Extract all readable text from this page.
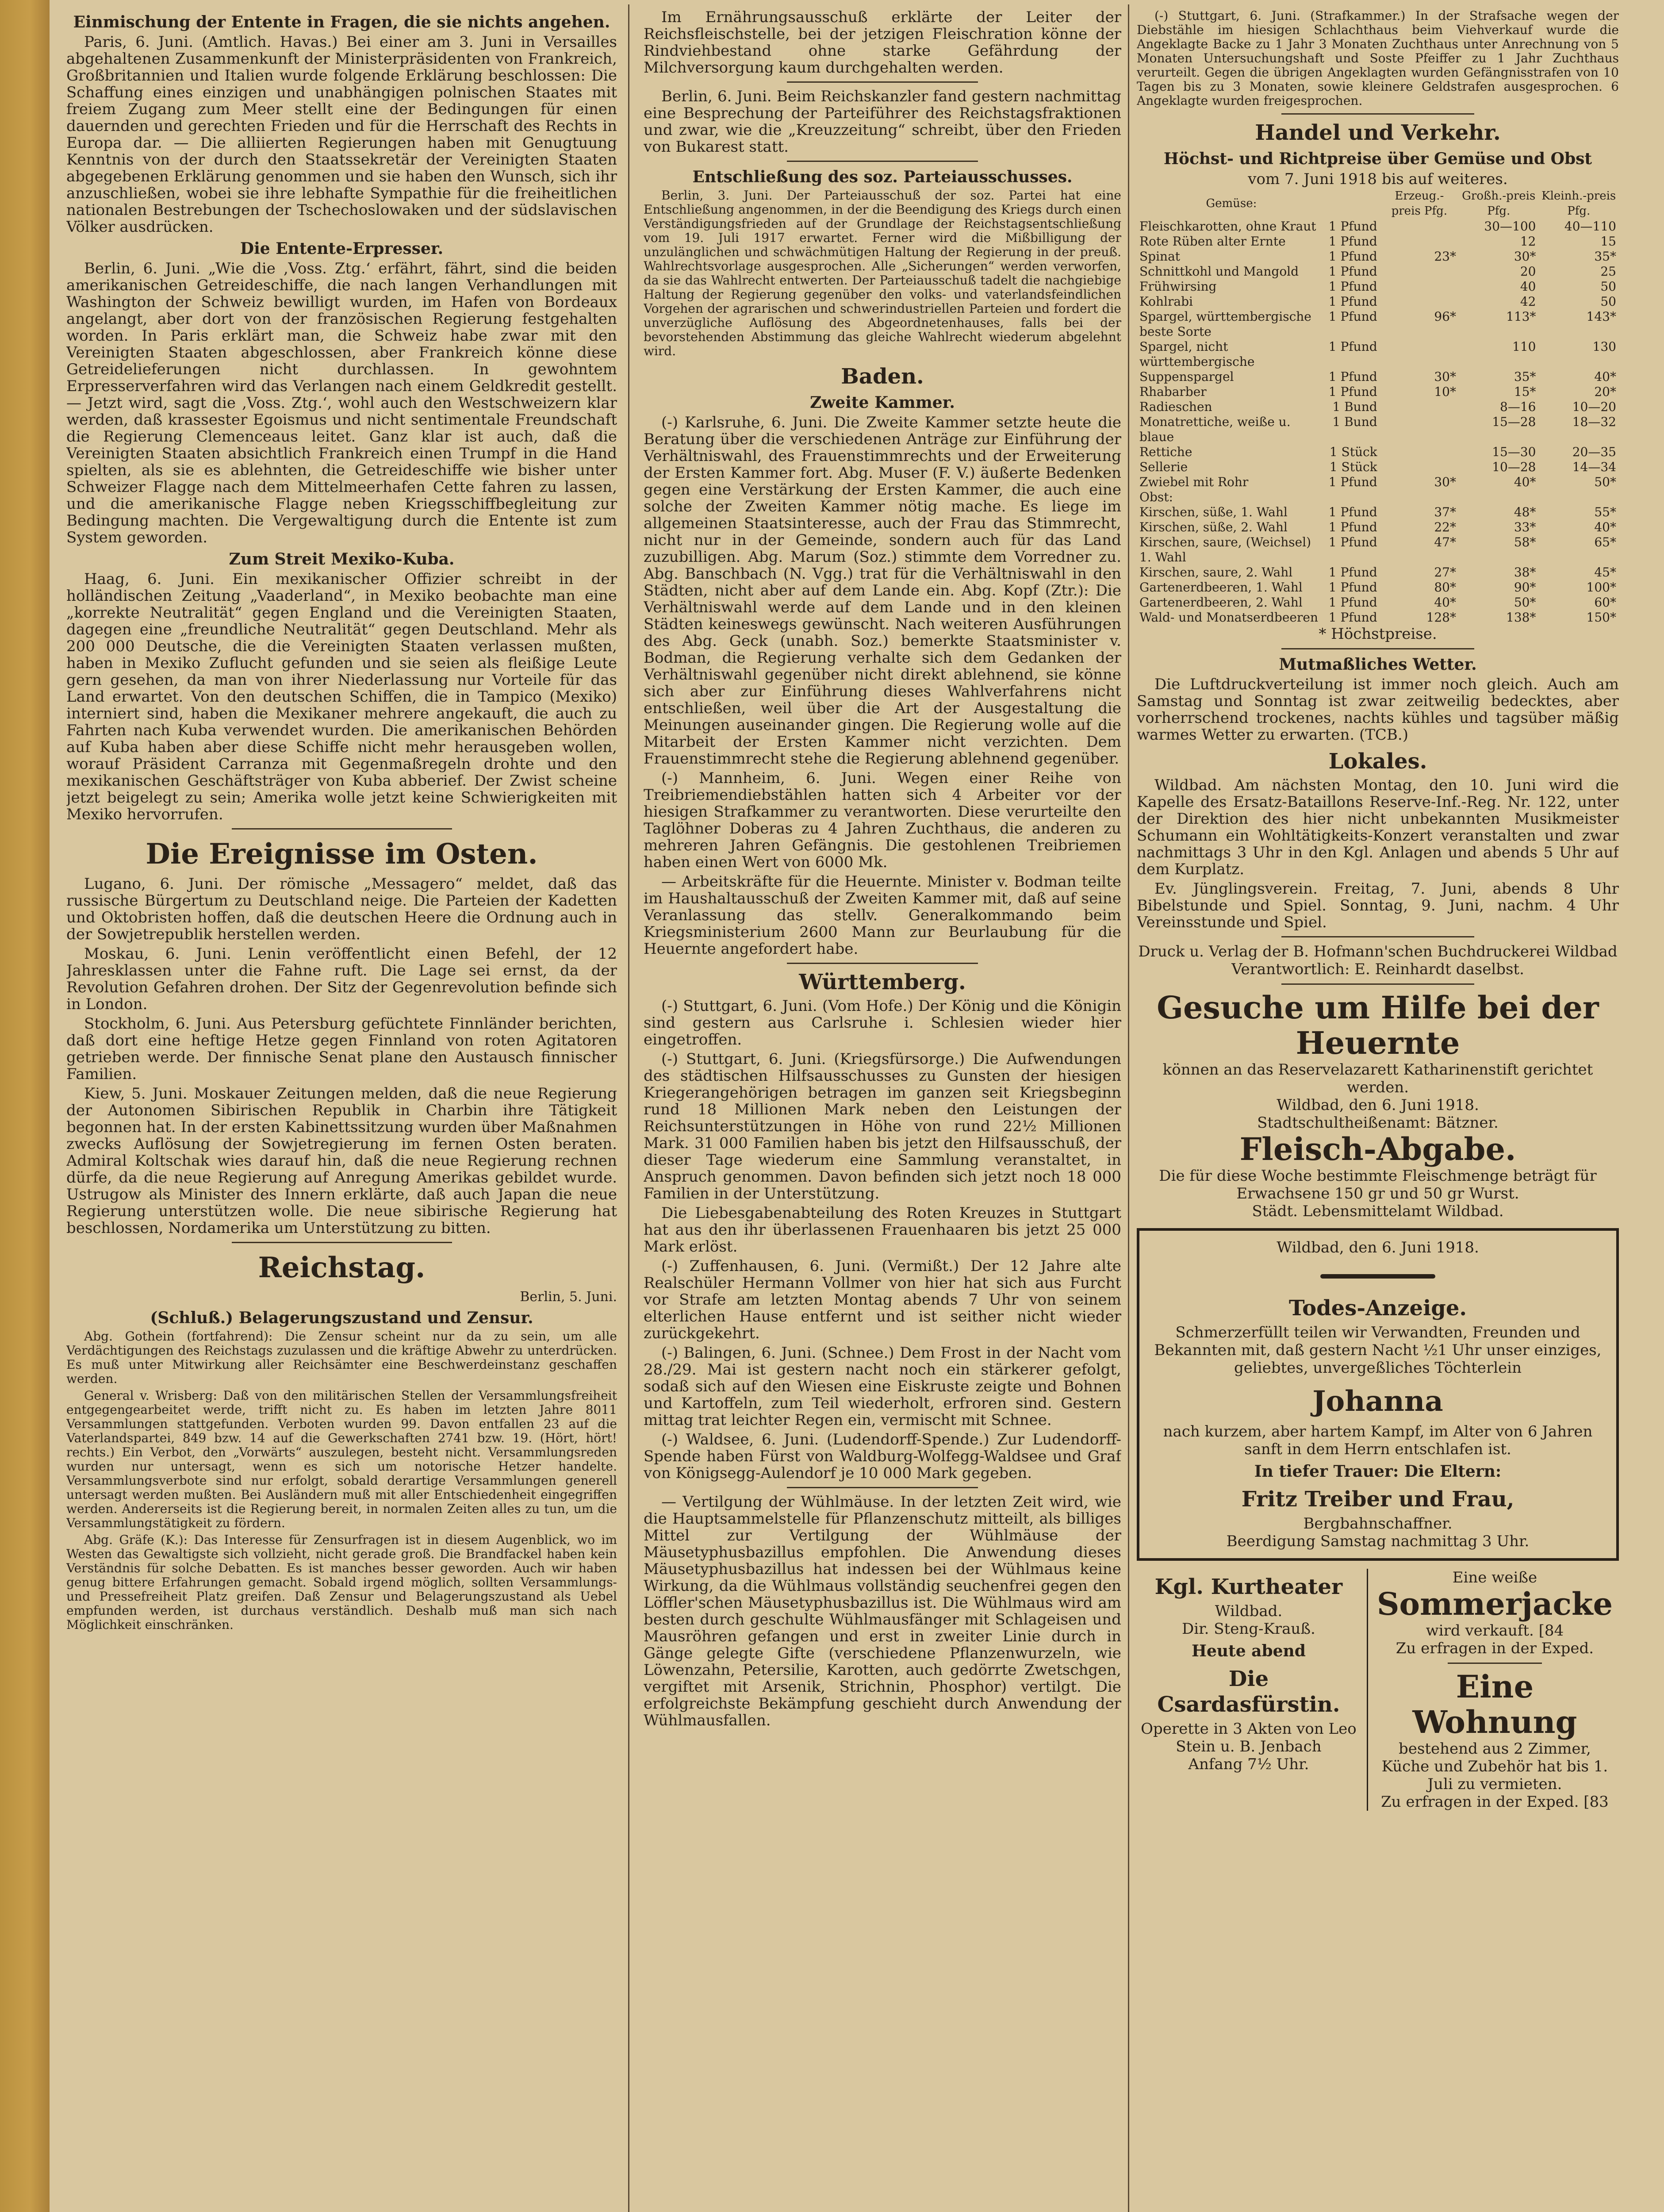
Einmischung der Entente in Fragen, die sie nichts angehen.

Paris, 6. Juni. (Amtlich. Havas.) Bei einer am 3. Juni in Versailles abgehaltenen Zusammenkunft der Ministerpräsidenten von Frankreich, Großbritannien und Italien wurde folgende Erklärung beschlossen: Die Schaffung eines einzigen und unabhängigen polnischen Staates mit freiem Zugang zum Meer stellt eine der Bedingungen für einen dauernden und gerechten Frieden und für die Herrschaft des Rechts in Europa dar. — Die alliierten Regierungen haben mit Genugtuung Kenntnis von der durch den Staatssekretär der Vereinigten Staaten abgegebenen Erklärung genommen und sie haben den Wunsch, sich ihr anzuschließen, wobei sie ihre lebhafte Sympathie für die freiheitlichen nationalen Bestrebungen der Tschechoslowaken und der südslavischen Völker ausdrücken.

Die Entente-Erpresser.

Berlin, 6. Juni. „Wie die ‚Voss. Ztg.‘ erfährt, fährt, sind die beiden amerikanischen Getreideschiffe, die nach langen Verhandlungen mit Washington der Schweiz bewilligt wurden, im Hafen von Bordeaux angelangt, aber dort von der französischen Regierung festgehalten worden. In Paris erklärt man, die Schweiz habe zwar mit den Vereinigten Staaten abgeschlossen, aber Frankreich könne diese Getreidelieferungen nicht durchlassen. In gewohntem Erpresserverfahren wird das Verlangen nach einem Geldkredit gestellt. — Jetzt wird, sagt die ‚Voss. Ztg.‘, wohl auch den Westschweizern klar werden, daß krassester Egoismus und nicht sentimentale Freundschaft die Regierung Clemenceaus leitet. Ganz klar ist auch, daß die Vereinigten Staaten absichtlich Frankreich einen Trumpf in die Hand spielten, als sie es ablehnten, die Getreideschiffe wie bisher unter Schweizer Flagge nach dem Mittelmeerhafen Cette fahren zu lassen, und die amerikanische Flagge neben Kriegsschiffbegleitung zur Bedingung machten. Die Vergewaltigung durch die Entente ist zum System geworden.

Zum Streit Mexiko-Kuba.

Haag, 6. Juni. Ein mexikanischer Offizier schreibt in der holländischen Zeitung „Vaaderland“, in Mexiko beobachte man eine „korrekte Neutralität“ gegen England und die Vereinigten Staaten, dagegen eine „freundliche Neutralität“ gegen Deutschland. Mehr als 200 000 Deutsche, die die Vereinigten Staaten verlassen mußten, haben in Mexiko Zuflucht gefunden und sie seien als fleißige Leute gern gesehen, da man von ihrer Niederlassung nur Vorteile für das Land erwartet. Von den deutschen Schiffen, die in Tampico (Mexiko) interniert sind, haben die Mexikaner mehrere angekauft, die auch zu Fahrten nach Kuba verwendet wurden. Die amerikanischen Behörden auf Kuba haben aber diese Schiffe nicht mehr herausgeben wollen, worauf Präsident Carranza mit Gegenmaßregeln drohte und den mexikanischen Geschäftsträger von Kuba abberief. Der Zwist scheine jetzt beigelegt zu sein; Amerika wolle jetzt keine Schwierigkeiten mit Mexiko hervorrufen.

Die Ereignisse im Osten.

Lugano, 6. Juni. Der römische „Messagero“ meldet, daß das russische Bürgertum zu Deutschland neige. Die Parteien der Kadetten und Oktobristen hoffen, daß die deutschen Heere die Ordnung auch in der Sowjetrepublik herstellen werden.

Moskau, 6. Juni. Lenin veröffentlicht einen Befehl, der 12 Jahresklassen unter die Fahne ruft. Die Lage sei ernst, da der Revolution Gefahren drohen. Der Sitz der Gegenrevolution befinde sich in London.

Stockholm, 6. Juni. Aus Petersburg gefüchtete Finnländer berichten, daß dort eine heftige Hetze gegen Finnland von roten Agitatoren getrieben werde. Der finnische Senat plane den Austausch finnischer Familien.

Kiew, 5. Juni. Moskauer Zeitungen melden, daß die neue Regierung der Autonomen Sibirischen Republik in Charbin ihre Tätigkeit begonnen hat. In der ersten Kabinettssitzung wurden über Maßnahmen zwecks Auflösung der Sowjetregierung im fernen Osten beraten. Admiral Koltschak wies darauf hin, daß die neue Regierung rechnen dürfe, da die neue Regierung auf Anregung Amerikas gebildet wurde. Ustrugow als Minister des Innern erklärte, daß auch Japan die neue Regierung unterstützen wolle. Die neue sibirische Regierung hat beschlossen, Nordamerika um Unterstützung zu bitten.

Reichstag.
Berlin, 5. Juni.
(Schluß.) Belagerungszustand und Zensur.

Abg. Gothein (fortfahrend): Die Zensur scheint nur da zu sein, um alle Verdächtigungen des Reichstags zuzulassen und die kräftige Abwehr zu unterdrücken. Es muß unter Mitwirkung aller Reichsämter eine Beschwerdeinstanz geschaffen werden.

General v. Wrisberg: Daß von den militärischen Stellen der Versammlungsfreiheit entgegengearbeitet werde, trifft nicht zu. Es haben im letzten Jahre 8011 Versammlungen stattgefunden. Verboten wurden 99. Davon entfallen 23 auf die Vaterlandspartei, 849 bzw. 14 auf die Gewerkschaften 2741 bzw. 19. (Hört, hört! rechts.) Ein Verbot, den „Vorwärts“ auszulegen, besteht nicht. Versammlungsreden wurden nur untersagt, wenn es sich um notorische Hetzer handelte. Versammlungsverbote sind nur erfolgt, sobald derartige Versammlungen generell untersagt werden mußten. Bei Ausländern muß mit aller Entschiedenheit eingegriffen werden. Andererseits ist die Regierung bereit, in normalen Zeiten alles zu tun, um die Versammlungstätigkeit zu fördern.

Abg. Gräfe (K.): Das Interesse für Zensurfragen ist in diesem Augenblick, wo im Westen das Gewaltigste sich vollzieht, nicht gerade groß. Die Brandfackel haben kein Verständnis für solche Debatten. Es ist manches besser geworden. Auch wir haben genug bittere Erfahrungen gemacht. Sobald irgend möglich, sollten Versammlungs- und Pressefreiheit Platz greifen. Daß Zensur und Belagerungszustand als Uebel empfunden werden, ist durchaus verständlich. Deshalb muß man sich nach Möglichkeit einschränken.

Im Ernährungsausschuß erklärte der Leiter der Reichsfleischstelle, bei der jetzigen Fleischration könne der Rindviehbestand ohne starke Gefährdung der Milchversorgung kaum durchgehalten werden.

Berlin, 6. Juni. Beim Reichskanzler fand gestern nachmittag eine Besprechung der Parteiführer des Reichstagsfraktionen und zwar, wie die „Kreuzzeitung“ schreibt, über den Frieden von Bukarest statt.

Entschließung des soz. Parteiausschusses.

Berlin, 3. Juni. Der Parteiausschuß der soz. Partei hat eine Entschließung angenommen, in der die Beendigung des Kriegs durch einen Verständigungsfrieden auf der Grundlage der Reichstagsentschließung vom 19. Juli 1917 erwartet. Ferner wird die Mißbilligung der unzulänglichen und schwächmütigen Haltung der Regierung in der preuß. Wahlrechtsvorlage ausgesprochen. Alle „Sicherungen“ werden verworfen, da sie das Wahlrecht entwerten. Der Parteiausschuß tadelt die nachgiebige Haltung der Regierung gegenüber den volks- und vaterlandsfeindlichen Vorgehen der agrarischen und schwerindustriellen Parteien und fordert die unverzügliche Auflösung des Abgeordnetenhauses, falls bei der bevorstehenden Abstimmung das gleiche Wahlrecht wiederum abgelehnt wird.

Baden.
Zweite Kammer.

(-) Karlsruhe, 6. Juni. Die Zweite Kammer setzte heute die Beratung über die verschiedenen Anträge zur Einführung der Verhältniswahl, des Frauenstimmrechts und der Erweiterung der Ersten Kammer fort. Abg. Muser (F. V.) äußerte Bedenken gegen eine Verstärkung der Ersten Kammer, die auch eine solche der Zweiten Kammer nötig mache. Es liege im allgemeinen Staatsinteresse, auch der Frau das Stimmrecht, nicht nur in der Gemeinde, sondern auch für das Land zuzubilligen. Abg. Marum (Soz.) stimmte dem Vorredner zu. Abg. Banschbach (N. Vgg.) trat für die Verhältniswahl in den Städten, nicht aber auf dem Lande ein. Abg. Kopf (Ztr.): Die Verhältniswahl werde auf dem Lande und in den kleinen Städten keineswegs gewünscht. Nach weiteren Ausführungen des Abg. Geck (unabh. Soz.) bemerkte Staatsminister v. Bodman, die Regierung verhalte sich dem Gedanken der Verhältniswahl gegenüber nicht direkt ablehnend, sie könne sich aber zur Einführung dieses Wahlverfahrens nicht entschließen, weil über die Art der Ausgestaltung die Meinungen auseinander gingen. Die Regierung wolle auf die Mitarbeit der Ersten Kammer nicht verzichten. Dem Frauenstimmrecht stehe die Regierung ablehnend gegenüber.

(-) Mannheim, 6. Juni. Wegen einer Reihe von Treibriemendiebstählen hatten sich 4 Arbeiter vor der hiesigen Strafkammer zu verantworten. Diese verurteilte den Taglöhner Doberas zu 4 Jahren Zuchthaus, die anderen zu mehreren Jahren Gefängnis. Die gestohlenen Treibriemen haben einen Wert von 6000 Mk.

— Arbeitskräfte für die Heuernte. Minister v. Bodman teilte im Haushaltausschuß der Zweiten Kammer mit, daß auf seine Veranlassung das stellv. Generalkommando beim Kriegsministerium 2600 Mann zur Beurlaubung für die Heuernte angefordert habe.

Württemberg.

(-) Stuttgart, 6. Juni. (Vom Hofe.) Der König und die Königin sind gestern aus Carlsruhe i. Schlesien wieder hier eingetroffen.

(-) Stuttgart, 6. Juni. (Kriegsfürsorge.) Die Aufwendungen des städtischen Hilfsausschusses zu Gunsten der hiesigen Kriegerangehörigen betragen im ganzen seit Kriegsbeginn rund 18 Millionen Mark neben den Leistungen der Reichsunterstützungen in Höhe von rund 22½ Millionen Mark. 31 000 Familien haben bis jetzt den Hilfsausschuß, der dieser Tage wiederum eine Sammlung veranstaltet, in Anspruch genommen. Davon befinden sich jetzt noch 18 000 Familien in der Unterstützung.

Die Liebesgabenabteilung des Roten Kreuzes in Stuttgart hat aus den ihr überlassenen Frauenhaaren bis jetzt 25 000 Mark erlöst.

(-) Zuffenhausen, 6. Juni. (Vermißt.) Der 12 Jahre alte Realschüler Hermann Vollmer von hier hat sich aus Furcht vor Strafe am letzten Montag abends 7 Uhr von seinem elterlichen Hause entfernt und ist seither nicht wieder zurückgekehrt.

(-) Balingen, 6. Juni. (Schnee.) Dem Frost in der Nacht vom 28./29. Mai ist gestern nacht noch ein stärkerer gefolgt, sodaß sich auf den Wiesen eine Eiskruste zeigte und Bohnen und Kartoffeln, zum Teil wiederholt, erfroren sind. Gestern mittag trat leichter Regen ein, vermischt mit Schnee.

(-) Waldsee, 6. Juni. (Ludendorff-Spende.) Zur Ludendorff-Spende haben Fürst von Waldburg-Wolfegg-Waldsee und Graf von Königsegg-Aulendorf je 10 000 Mark gegeben.

— Vertilgung der Wühlmäuse. In der letzten Zeit wird, wie die Hauptsammelstelle für Pflanzenschutz mitteilt, als billiges Mittel zur Vertilgung der Wühlmäuse der Mäusetyphusbazillus empfohlen. Die Anwendung dieses Mäusetyphusbazillus hat indessen bei der Wühlmaus keine Wirkung, da die Wühlmaus vollständig seuchenfrei gegen den Löffler'schen Mäusetyphusbazillus ist. Die Wühlmaus wird am besten durch geschulte Wühlmausfänger mit Schlageisen und Mausröhren gefangen und erst in zweiter Linie durch in Gänge gelegte Gifte (verschiedene Pflanzenwurzeln, wie Löwenzahn, Petersilie, Karotten, auch gedörrte Zwetschgen, vergiftet mit Arsenik, Strichnin, Phosphor) vertilgt. Die erfolgreichste Bekämpfung geschieht durch Anwendung der Wühlmausfallen.

(-) Stuttgart, 6. Juni. (Strafkammer.) In der Strafsache wegen der Diebstähle im hiesigen Schlachthaus beim Viehverkauf wurde die Angeklagte Backe zu 1 Jahr 3 Monaten Zuchthaus unter Anrechnung von 5 Monaten Untersuchungshaft und Soste Pfeiffer zu 1 Jahr Zuchthaus verurteilt. Gegen die übrigen Angeklagten wurden Gefängnisstrafen von 10 Tagen bis zu 3 Monaten, sowie kleinere Geldstrafen ausgesprochen. 6 Angeklagte wurden freigesprochen.

Handel und Verkehr.
Höchst- und Richtpreise über Gemüse und Obst
vom 7. Juni 1918 bis auf weiteres.
Gemüse:		Erzeug.-preis Pfg.	Großh.-preis Pfg.	Kleinh.-preis Pfg.
Fleischkarotten, ohne Kraut	1 Pfund		30—100	40—110
Rote Rüben alter Ernte	1 Pfund		12	15
Spinat	1 Pfund	23*	30*	35*
Schnittkohl und Mangold	1 Pfund		20	25
Frühwirsing	1 Pfund		40	50
Kohlrabi	1 Pfund		42	50
Spargel, württembergische beste Sorte	1 Pfund	96*	113*	143*
Spargel, nicht württembergische	1 Pfund		110	130
Suppenspargel	1 Pfund	30*	35*	40*
Rhabarber	1 Pfund	10*	15*	20*
Radieschen	1 Bund		8—16	10—20
Monatrettiche, weiße u. blaue	1 Bund		15—28	18—32
Rettiche	1 Stück		15—30	20—35
Sellerie	1 Stück		10—28	14—34
Zwiebel mit Rohr	1 Pfund	30*	40*	50*
Obst:				
Kirschen, süße, 1. Wahl	1 Pfund	37*	48*	55*
Kirschen, süße, 2. Wahl	1 Pfund	22*	33*	40*
Kirschen, saure, (Weichsel) 1. Wahl	1 Pfund	47*	58*	65*
Kirschen, saure, 2. Wahl	1 Pfund	27*	38*	45*
Gartenerdbeeren, 1. Wahl	1 Pfund	80*	90*	100*
Gartenerdbeeren, 2. Wahl	1 Pfund	40*	50*	60*
Wald- und Monatserdbeeren	1 Pfund	128*	138*	150*
* Höchstpreise.
Mutmaßliches Wetter.

Die Luftdruckverteilung ist immer noch gleich. Auch am Samstag und Sonntag ist zwar zeitweilig bedecktes, aber vorherrschend trockenes, nachts kühles und tagsüber mäßig warmes Wetter zu erwarten. (TCB.)

Lokales.

Wildbad. Am nächsten Montag, den 10. Juni wird die Kapelle des Ersatz-Bataillons Reserve-Inf.-Reg. Nr. 122, unter der Direktion des hier nicht unbekannten Musikmeister Schumann ein Wohltätigkeits-Konzert veranstalten und zwar nachmittags 3 Uhr in den Kgl. Anlagen und abends 5 Uhr auf dem Kurplatz.

Ev. Jünglingsverein. Freitag, 7. Juni, abends 8 Uhr Bibelstunde und Spiel. Sonntag, 9. Juni, nachm. 4 Uhr Vereinsstunde und Spiel.

Druck u. Verlag der B. Hofmann'schen Buchdruckerei Wildbad
Verantwortlich: E. Reinhardt daselbst.
Gesuche um Hilfe bei der Heuernte
können an das Reservelazarett Katharinenstift gerichtet werden.
Wildbad, den 6. Juni 1918.
Stadtschultheißenamt: Bätzner.
Fleisch-Abgabe.
Die für diese Woche bestimmte Fleischmenge beträgt für Erwachsene 150 gr und 50 gr Wurst.
Städt. Lebensmittelamt Wildbad.
Wildbad, den 6. Juni 1918.
Todes-Anzeige.
Schmerzerfüllt teilen wir Verwandten, Freunden und Bekannten mit, daß gestern Nacht ½1 Uhr unser einziges, geliebtes, unvergeßliches Töchterlein
Johanna
nach kurzem, aber hartem Kampf, im Alter von 6 Jahren sanft in dem Herrn entschlafen ist.
In tiefer Trauer: Die Eltern:
Fritz Treiber und Frau,
Bergbahnschaffner.
Beerdigung Samstag nachmittag 3 Uhr.
Kgl. Kurtheater
Wildbad.
Dir. Steng-Krauß.
Heute abend
Die Csardasfürstin.
Operette in 3 Akten von Leo Stein u. B. Jenbach
Anfang 7½ Uhr.
Eine weiße
Sommerjacke
wird verkauft. [84
Zu erfragen in der Exped.
Eine Wohnung
bestehend aus 2 Zimmer, Küche und Zubehör hat bis 1. Juli zu vermieten.
Zu erfragen in der Exped. [83
